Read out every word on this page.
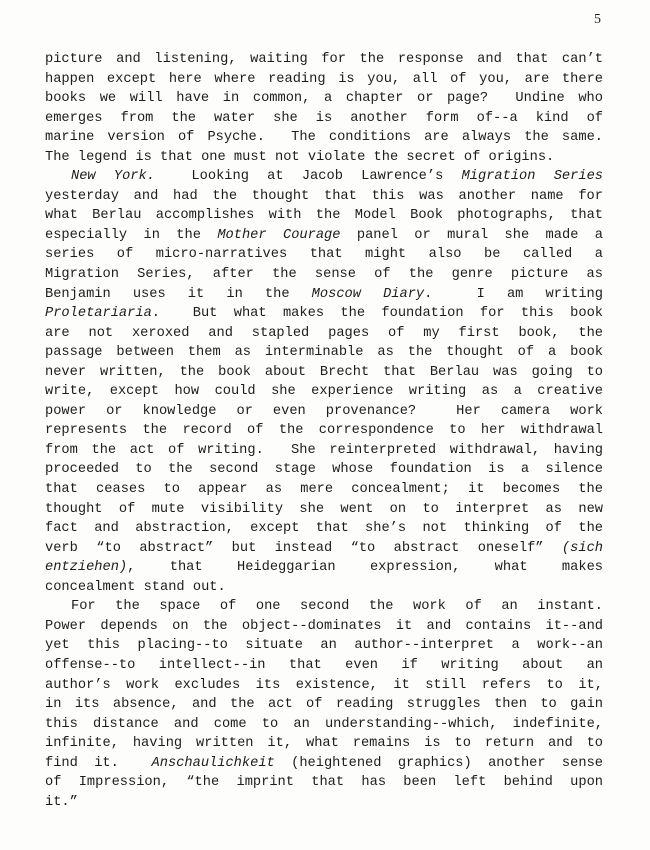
5
picture and listening, waiting for the response and that can’t
happen except here where reading is you, all of you, are there
books we will have in common, a chapter or page?  Undine who
emerges from the water she is another form of--a kind of
marine version of Psyche.  The conditions are always the same.
The legend is that one must not violate the secret of origins.
New York.  Looking at Jacob Lawrence’s Migration Series
yesterday and had the thought that this was another name for
what Berlau accomplishes with the Model Book photographs, that
especially in the Mother Courage panel or mural she made a
series of micro-narratives that might also be called a
Migration Series, after the sense of the genre picture as
Benjamin uses it in the Moscow Diary.  I am writing
Proletariaria.  But what makes the foundation for this book
are not xeroxed and stapled pages of my first book, the
passage between them as interminable as the thought of a book
never written, the book about Brecht that Berlau was going to
write, except how could she experience writing as a creative
power or knowledge or even provenance?  Her camera work
represents the record of the correspondence to her withdrawal
from the act of writing.  She reinterpreted withdrawal, having
proceeded to the second stage whose foundation is a silence
that ceases to appear as mere concealment; it becomes the
thought of mute visibility she went on to interpret as new
fact and abstraction, except that she’s not thinking of the
verb “to abstract” but instead “to abstract oneself” (sich
entziehen), that Heideggarian expression, what makes
concealment stand out.
For the space of one second the work of an instant.
Power depends on the object--dominates it and contains it--and
yet this placing--to situate an author--interpret a work--an
offense--to intellect--in that even if writing about an
author’s work excludes its existence, it still refers to it,
in its absence, and the act of reading struggles then to gain
this distance and come to an understanding--which, indefinite,
infinite, having written it, what remains is to return and to
find it.  Anschaulichkeit (heightened graphics) another sense
of Impression, “the imprint that has been left behind upon
it.”
